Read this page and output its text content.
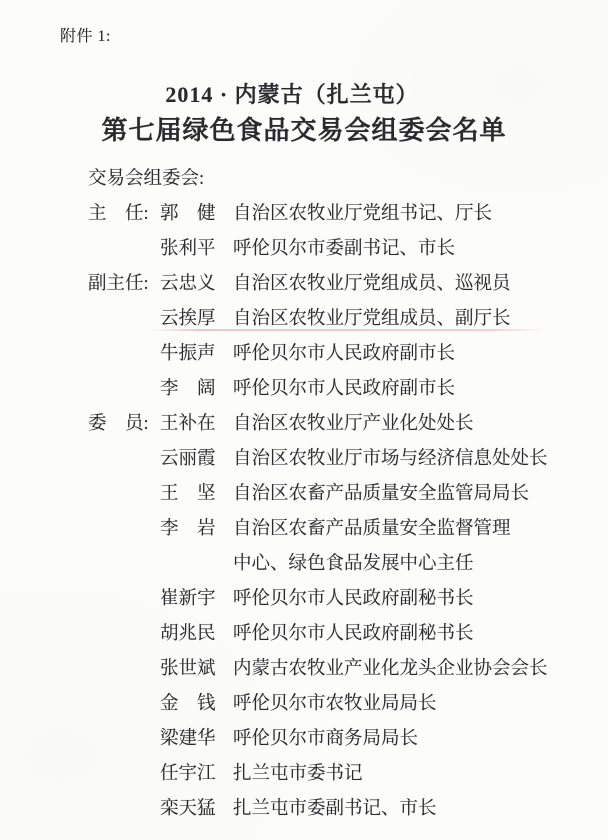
附件 1:
2014 · 内蒙古（扎兰屯）
第七届绿色食品交易会组委会名单
交易会组委会:
主　任: 郭　健 自治区农牧业厅党组书记、厅长
张利平 呼伦贝尔市委副书记、市长
副主任: 云忠义 自治区农牧业厅党组成员、巡视员
云挨厚 自治区农牧业厅党组成员、副厅长
牛振声 呼伦贝尔市人民政府副市长
李　阔 呼伦贝尔市人民政府副市长
委　员: 王补在 自治区农牧业厅产业化处处长
云丽霞 自治区农牧业厅市场与经济信息处处长
王　坚 自治区农畜产品质量安全监管局局长
李　岩 自治区农畜产品质量安全监督管理
中心、绿色食品发展中心主任
崔新宇 呼伦贝尔市人民政府副秘书长
胡兆民 呼伦贝尔市人民政府副秘书长
张世斌 内蒙古农牧业产业化龙头企业协会会长
金　钱 呼伦贝尔市农牧业局局长
梁建华 呼伦贝尔市商务局局长
任宇江 扎兰屯市委书记
栾天猛 扎兰屯市委副书记、市长
